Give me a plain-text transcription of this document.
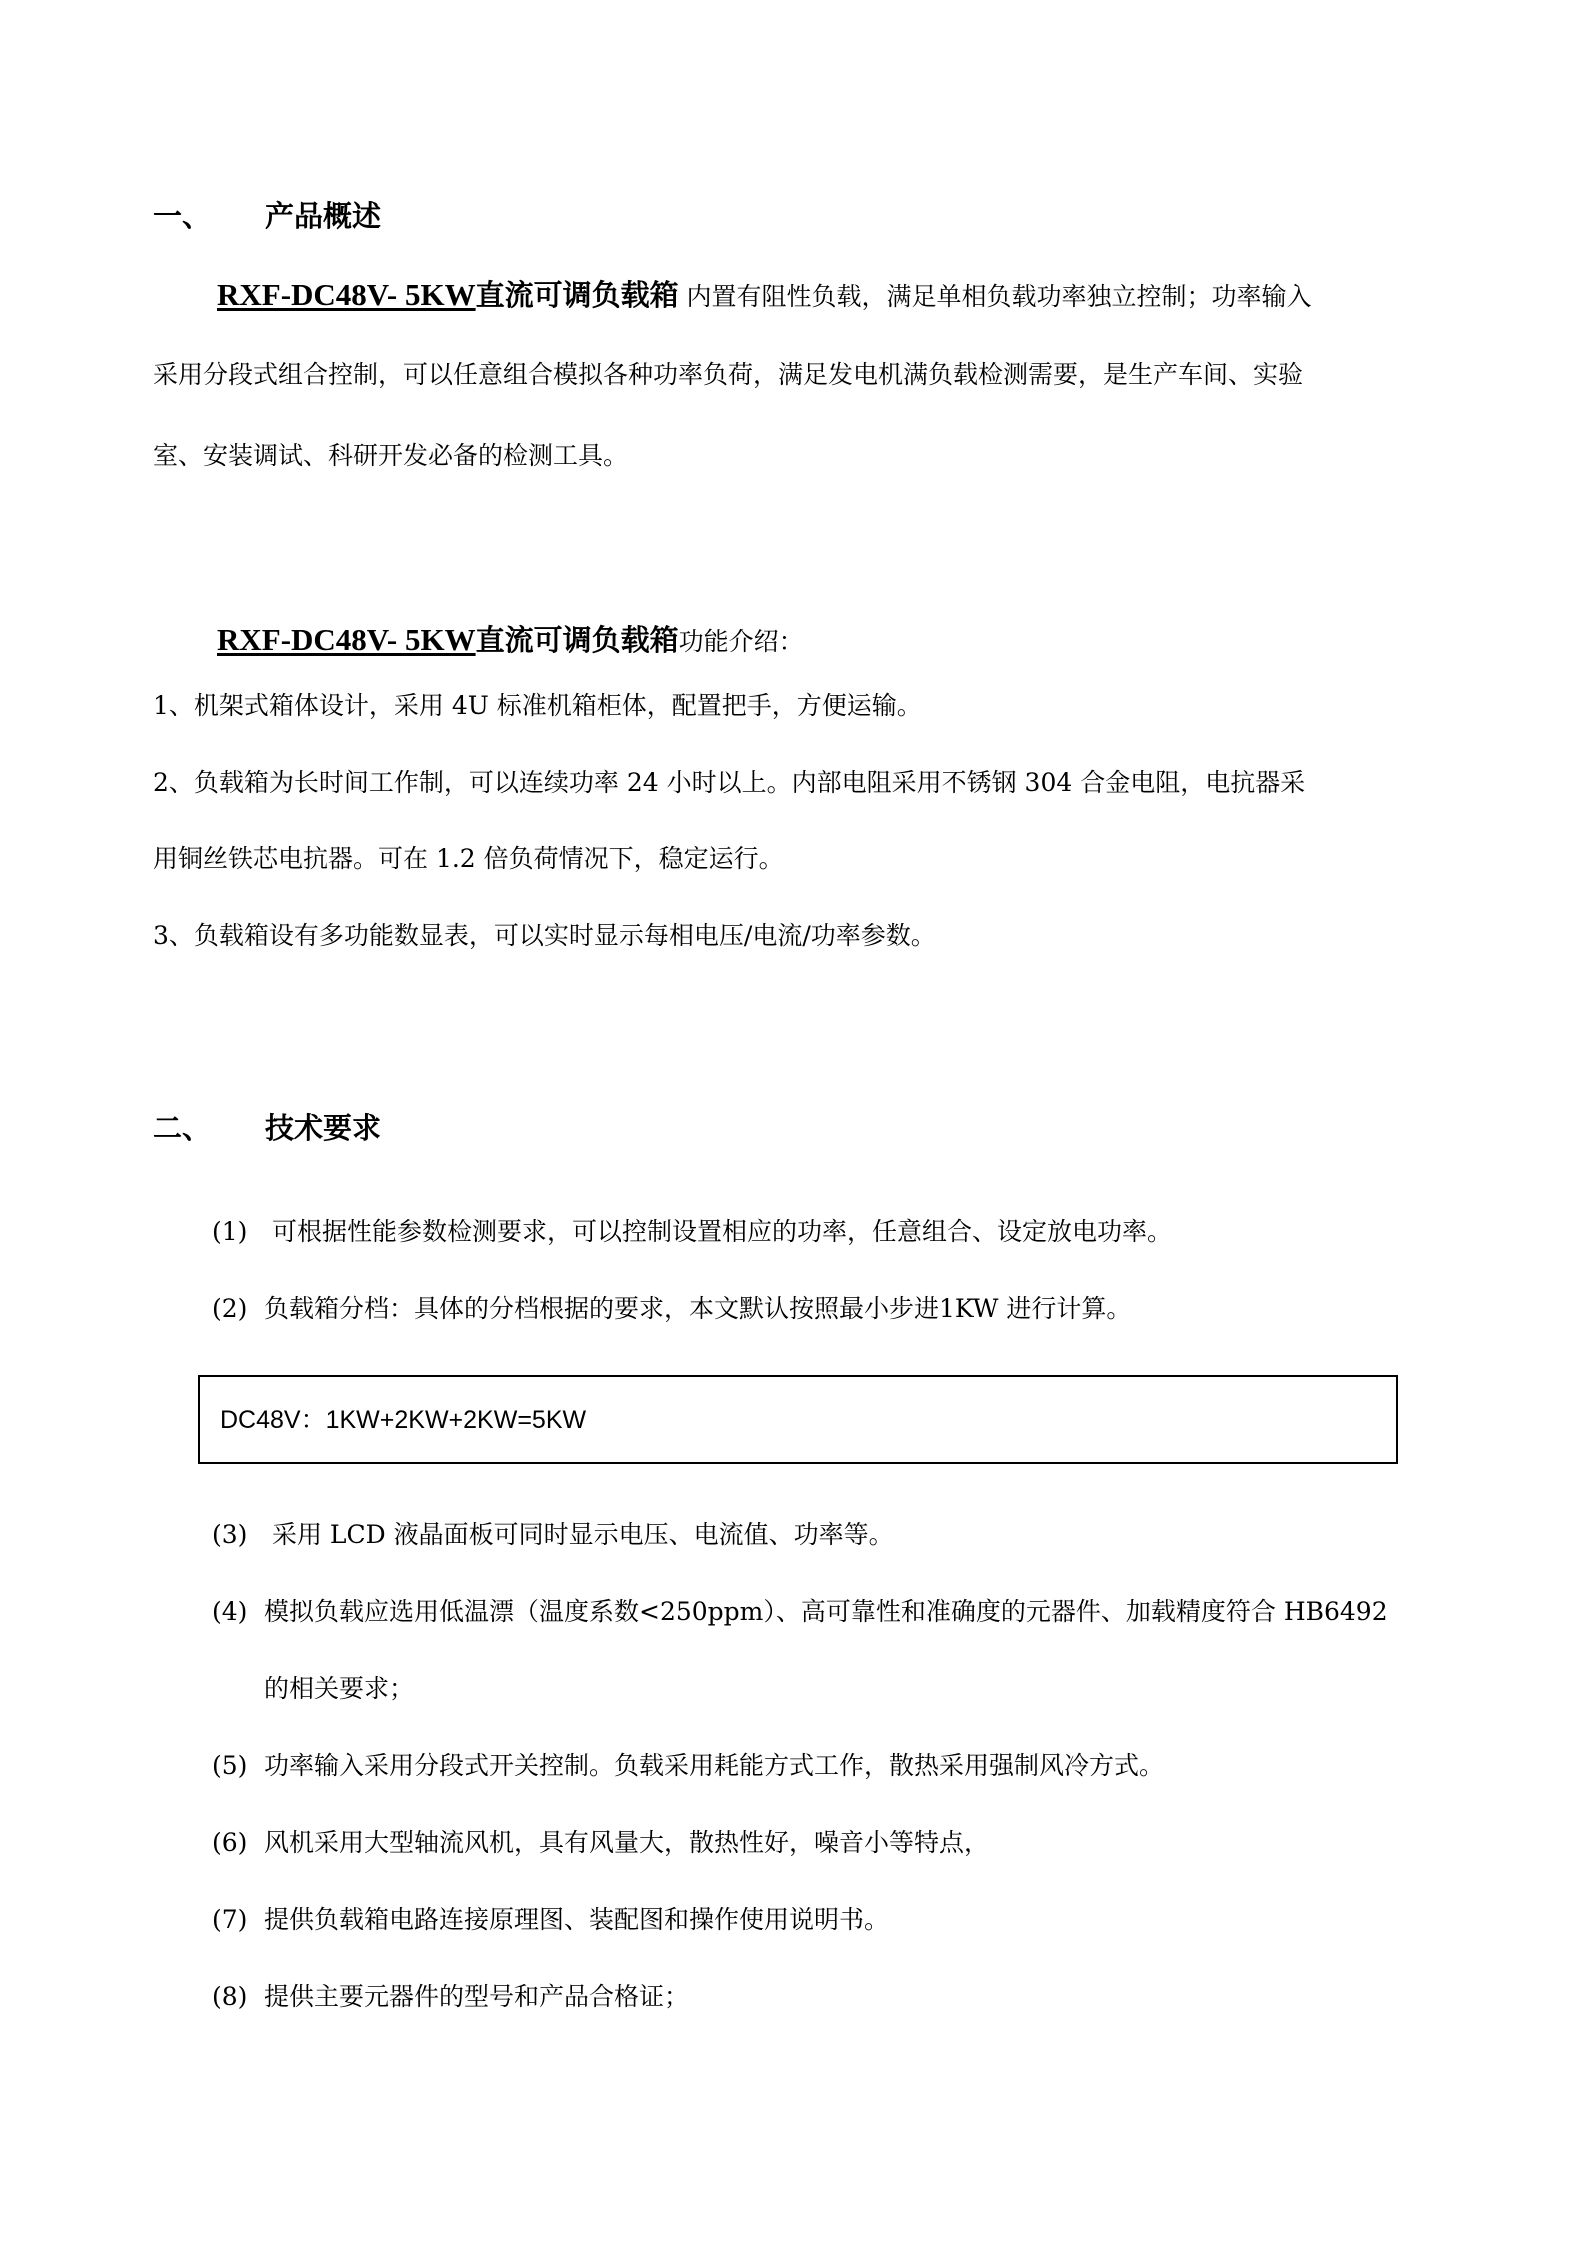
一、 产品概述
RXF-DC48V- 5KW直流可调负载箱 内置有阻性负载，满足单相负载功率独立控制；功率输入
采用分段式组合控制，可以任意组合模拟各种功率负荷，满足发电机满负载检测需要，是生产车间、实验
室、安装调试、科研开发必备的检测工具。
RXF-DC48V- 5KW直流可调负载箱功能介绍：
1、机架式箱体设计，采用 4U 标准机箱柜体，配置把手，方便运输。
2、负载箱为长时间工作制，可以连续功率 24 小时以上。内部电阻采用不锈钢 304 合金电阻，电抗器采
用铜丝铁芯电抗器。可在 1.2 倍负荷情况下，稳定运行。
3、负载箱设有多功能数显表，可以实时显示每相电压/电流/功率参数。
二、 技术要求
(1) 可根据性能参数检测要求，可以控制设置相应的功率，任意组合、设定放电功率。
(2) 负载箱分档：具体的分档根据的要求，本文默认按照最小步进1KW 进行计算。
DC48V：1KW+2KW+2KW=5KW
(3) 采用 LCD 液晶面板可同时显示电压、电流值、功率等。
(4) 模拟负载应选用低温漂（温度系数<250ppm）、高可靠性和准确度的元器件、加载精度符合 HB6492
的相关要求；
(5) 功率输入采用分段式开关控制。负载采用耗能方式工作，散热采用强制风冷方式。
(6) 风机采用大型轴流风机，具有风量大，散热性好，噪音小等特点，
(7) 提供负载箱电路连接原理图、装配图和操作使用说明书。
(8) 提供主要元器件的型号和产品合格证；
